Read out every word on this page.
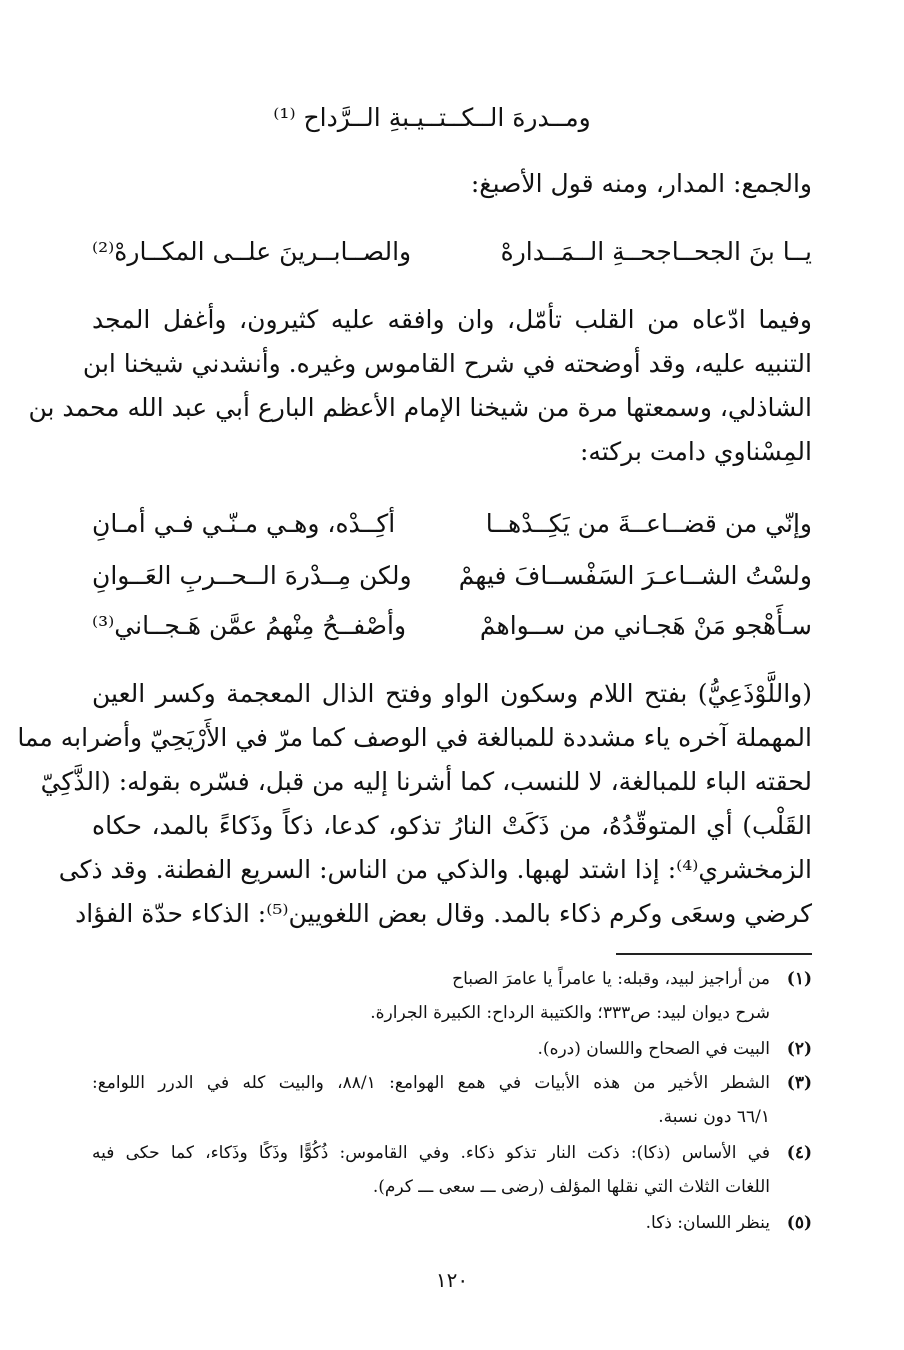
ومــدرهَ الــكــتــيـبةِ الــرَّداح ⁽¹⁾
والجمع: المدار، ومنه قول الأصبغ:
يــا بنَ الجحــاجحــةِ الــمَــدارهْ
والصــابــرينَ علــى المكــارهْ⁽²⁾
وفيما ادّعاه من القلب تأمّل، وان وافقه عليه كثيرون، وأغفل المجد
التنبيه عليه، وقد أوضحته في شرح القاموس وغيره. وأنشدني شيخنا ابن
الشاذلي، وسمعتها مرة من شيخنا الإمام الأعظم البارع أبي عبد الله محمد بن
المِسْناوي دامت بركته:
وإنّي من قضــاعــةَ من يَكِــدْهــا
أكِــدْه، وهـي مـنّـي فـي أمـانِ
ولسْتُ الشــاعـرَ السَفْســافَ فيهمْ
ولكن مِــدْرهَ الــحــربِ العَــوانِ
سـأَهْجو مَنْ هَجـاني من ســواهمْ
وأصْفــحُ مِنْهمُ عمَّن هَـجــاني⁽³⁾
(واللَّوْذَعِيُّ) بفتح اللام وسكون الواو وفتح الذال المعجمة وكسر العين
المهملة آخره ياء مشددة للمبالغة في الوصف كما مرّ في الأَرْيَحِيّ وأضرابه مما
لحقته الباء للمبالغة، لا للنسب، كما أشرنا إليه من قبل، فسّره بقوله: (الذَّكِيّ
القَلْب) أي المتوقّدُهُ، من ذَكَتْ النارُ تذكو، كدعا، ذكاً وذَكاءً بالمد، حكاه
الزمخشري⁽⁴⁾: إذا اشتد لهبها. والذكي من الناس: السريع الفطنة. وقد ذكى
كرضي وسعَى وكرم ذكاء بالمد. وقال بعض اللغويين⁽⁵⁾: الذكاء حدّة الفؤاد
(١)
من أراجيز لبيد، وقبله: يا عامراً يا عامرَ الصباح
شرح ديوان لبيد: ص٣٣٣؛ والكتيبة الرداح: الكبيرة الجرارة.
(٢)
البيت في الصحاح واللسان (دره).
(٣)
الشطر الأخير من هذه الأبيات في همع الهوامع: ٨٨/١، والبيت كله في الدرر اللوامع:
٦٦/١ دون نسبة.
(٤)
في الأساس (ذكا): ذكت النار تذكو ذكاء. وفي القاموس: ذُكُوًّا وذَكًا وذَكاء، كما حكى فيه
اللغات الثلاث التي نقلها المؤلف (رضى ـــ سعى ـــ كرم).
(٥)
ينظر اللسان: ذكا.
١٢٠
